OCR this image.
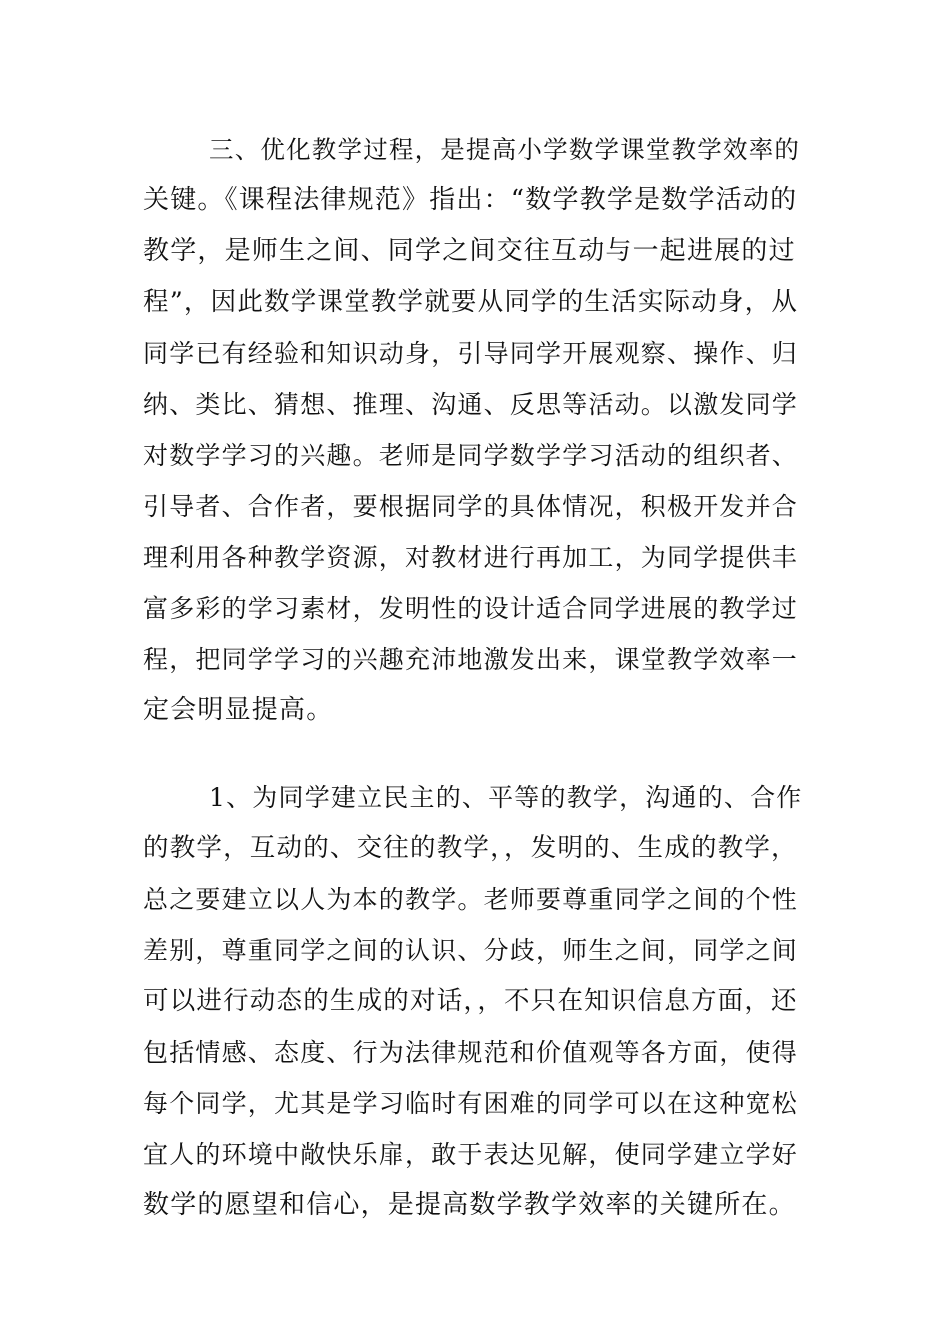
三、优化教学过程，是提高小学数学课堂教学效率的
关键。《课程法律规范》指出：“数学教学是数学活动的
教学，是师生之间、同学之间交往互动与一起进展的过
程”，因此数学课堂教学就要从同学的生活实际动身，从
同学已有经验和知识动身，引导同学开展观察、操作、归
纳、类比、猜想、推理、沟通、反思等活动。以激发同学
对数学学习的兴趣。老师是同学数学学习活动的组织者、
引导者、合作者，要根据同学的具体情况，积极开发并合
理利用各种教学资源，对教材进行再加工，为同学提供丰
富多彩的学习素材，发明性的设计适合同学进展的教学过
程，把同学学习的兴趣充沛地激发出来，课堂教学效率一
定会明显提高。
1、为同学建立民主的、平等的教学，沟通的、合作
的教学，互动的、交往的教学，，发明的、生成的教学，
总之要建立以人为本的教学。老师要尊重同学之间的个性
差别，尊重同学之间的认识、分歧，师生之间，同学之间
可以进行动态的生成的对话，，不只在知识信息方面，还
包括情感、态度、行为法律规范和价值观等各方面，使得
每个同学，尤其是学习临时有困难的同学可以在这种宽松
宜人的环境中敞快乐扉，敢于表达见解，使同学建立学好
数学的愿望和信心，是提高数学教学效率的关键所在。
